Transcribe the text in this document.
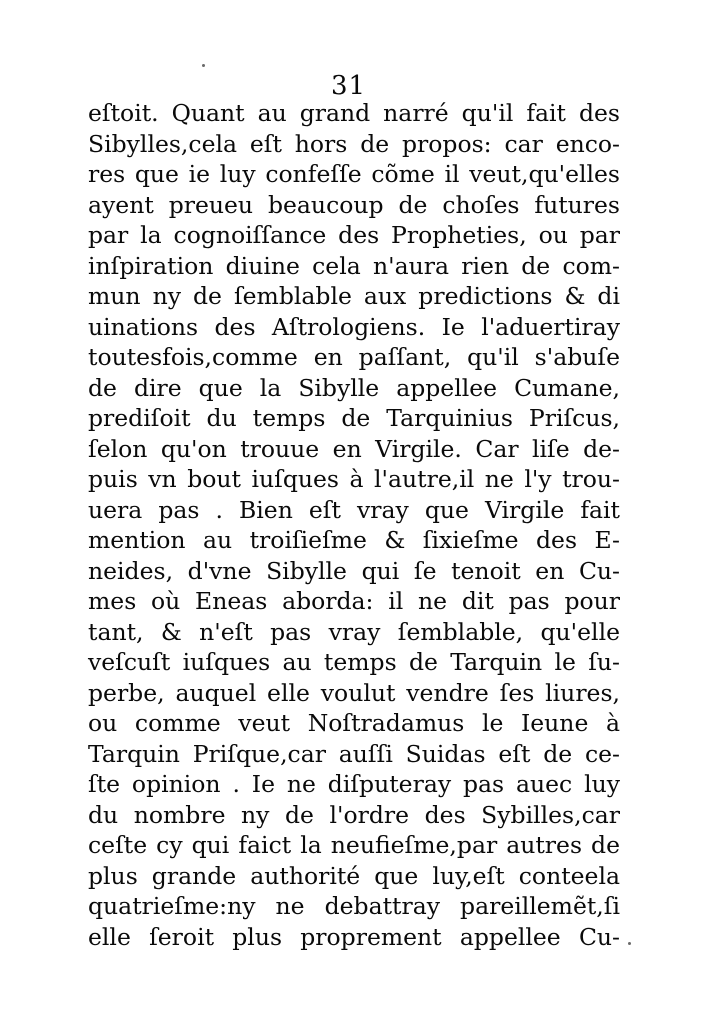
31
eſtoit. Quant au grand narré qu'il fait des
Sibylles,cela eſt hors de propos: car enco-
res que ie luy confeſſe cõme il veut,qu'elles
ayent preueu beaucoup de choſes futures
par la cognoiſſance des Propheties, ou par
inſpiration diuine cela n'aura rien de com-
mun ny de ſemblable aux predictions & di
uinations des Aſtrologiens. Ie l'aduertiray
toutesfois,comme en paſſant, qu'il s'abuſe
de dire que la Sibylle appellee Cumane,
prediſoit du temps de Tarquinius Priſcus,
ſelon qu'on trouue en Virgile. Car liſe de-
puis vn bout iuſques à l'autre,il ne l'y trou-
uera pas . Bien eſt vray que Virgile fait
mention au troiſieſme & ſixieſme des E-
neides, d'vne Sibylle qui ſe tenoit en Cu-
mes où Eneas aborda: il ne dit pas pour
tant, & n'eſt pas vray ſemblable, qu'elle
veſcuſt iuſques au temps de Tarquin le ſu-
perbe, auquel elle voulut vendre ſes liures,
ou comme veut Noſtradamus le Ieune à
Tarquin Priſque,car auſſi Suidas eſt de ce-
ſte opinion . Ie ne diſputeray pas auec luy
du nombre ny de l'ordre des Sybilles,car
ceſte cy qui faict la neufieſme,par autres de
plus grande authorité que luy,eſt conteela
quatrieſme:ny ne debattray pareillemẽt,ſi
elle ſeroit plus proprement appellee Cu-
